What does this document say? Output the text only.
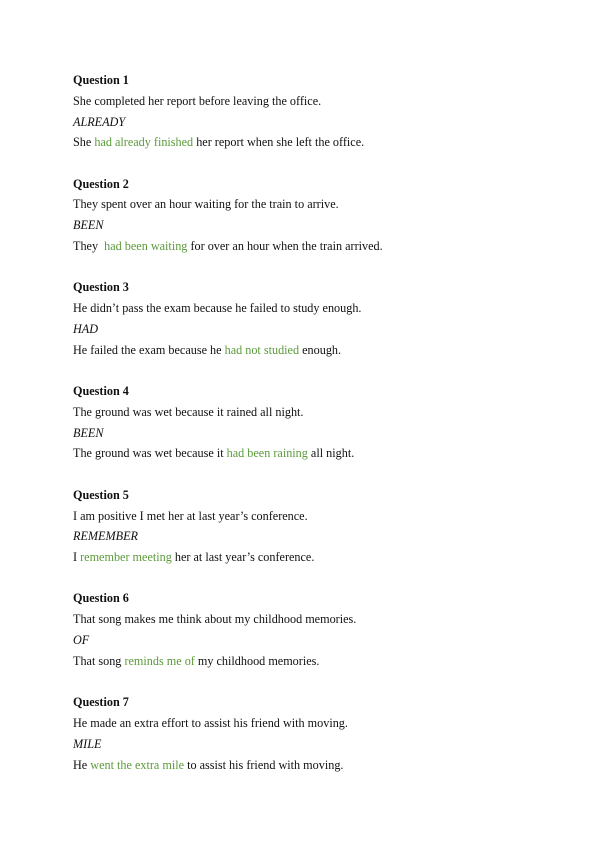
Question 1
She completed her report before leaving the office.
ALREADY
She had already finished her report when she left the office.
Question 2
They spent over an hour waiting for the train to arrive.
BEEN
They  had been waiting for over an hour when the train arrived.
Question 3
He didn’t pass the exam because he failed to study enough.
HAD
He failed the exam because he had not studied enough.
Question 4
The ground was wet because it rained all night.
BEEN
The ground was wet because it had been raining all night.
Question 5
I am positive I met her at last year’s conference.
REMEMBER
I remember meeting her at last year’s conference.
Question 6
That song makes me think about my childhood memories.
OF
That song reminds me of my childhood memories.
Question 7
He made an extra effort to assist his friend with moving.
MILE
He went the extra mile to assist his friend with moving.
